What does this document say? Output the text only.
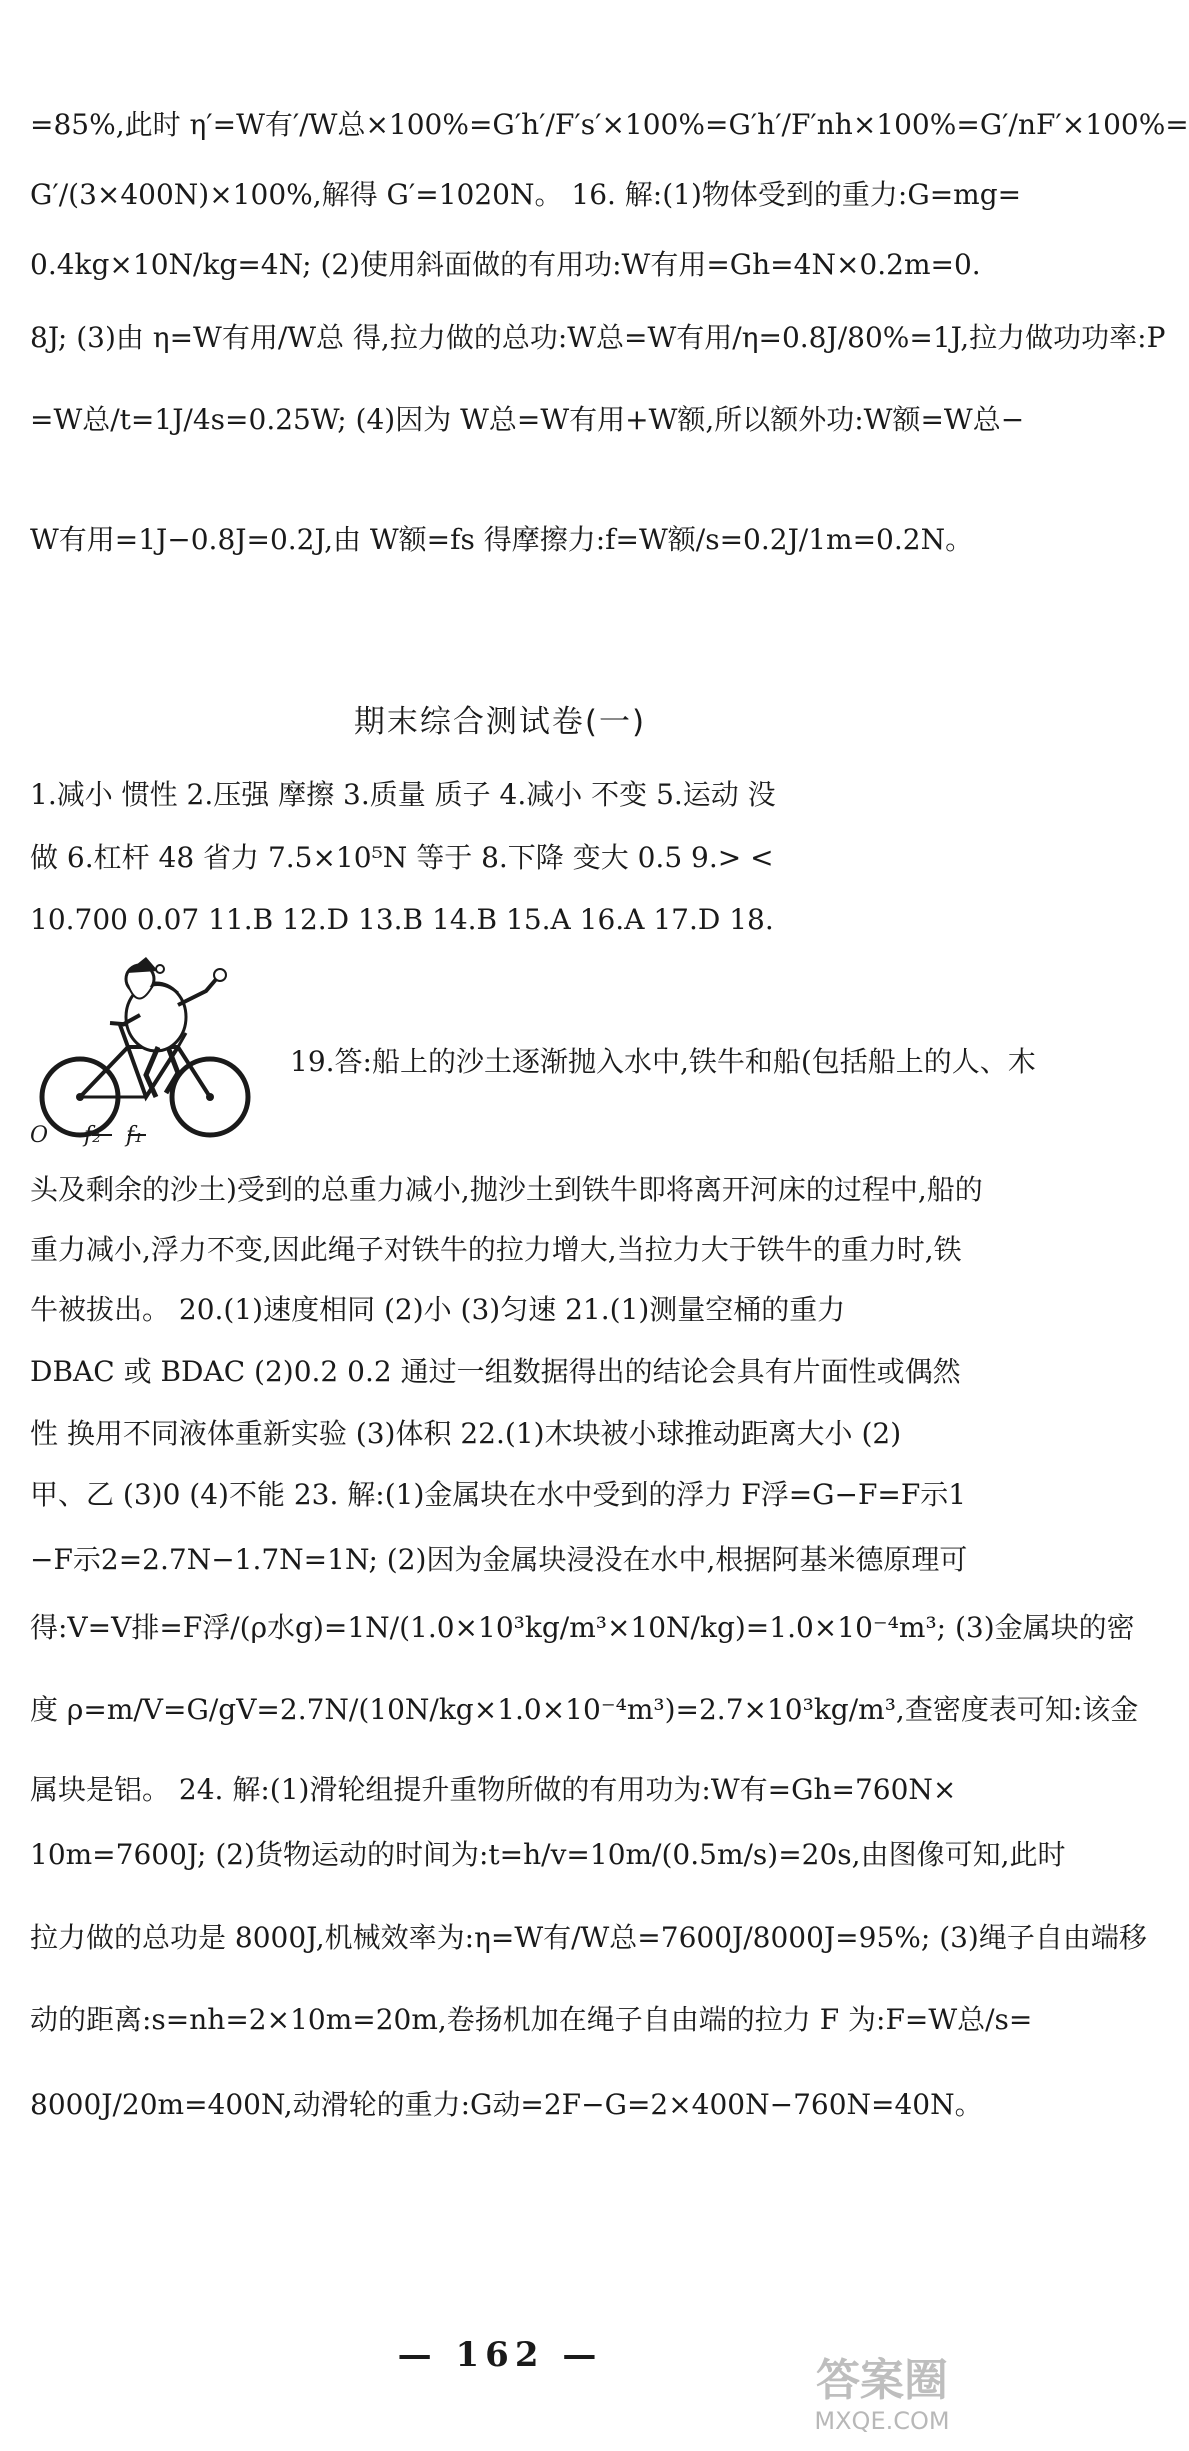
=85%,此时 η′=W有′/W总×100%=G′h′/F′s′×100%=G′h′/F′nh×100%=G′/nF′×100%=
G′/(3×400N)×100%,解得 G′=1020N。 16. 解:(1)物体受到的重力:G=mg=
0.4kg×10N/kg=4N; (2)使用斜面做的有用功:W有用=Gh=4N×0.2m=0.
8J; (3)由 η=W有用/W总 得,拉力做的总功:W总=W有用/η=0.8J/80%=1J,拉力做功功率:P
=W总/t=1J/4s=0.25W; (4)因为 W总=W有用+W额,所以额外功:W额=W总−
W有用=1J−0.8J=0.2J,由 W额=fs 得摩擦力:f=W额/s=0.2J/1m=0.2N。
期末综合测试卷(一)
1.减小 惯性 2.压强 摩擦 3.质量 质子 4.减小 不变 5.运动 没
做 6.杠杆 48 省力 7.5×10⁵N 等于 8.下降 变大 0.5 9.> <
10.700 0.07 11.B 12.D 13.B 14.B 15.A 16.A 17.D 18.
O f₂ f₁
19.答:船上的沙土逐渐抛入水中,铁牛和船(包括船上的人、木
头及剩余的沙土)受到的总重力减小,抛沙土到铁牛即将离开河床的过程中,船的
重力减小,浮力不变,因此绳子对铁牛的拉力增大,当拉力大于铁牛的重力时,铁
牛被拔出。 20.(1)速度相同 (2)小 (3)匀速 21.(1)测量空桶的重力
DBAC 或 BDAC (2)0.2 0.2 通过一组数据得出的结论会具有片面性或偶然
性 换用不同液体重新实验 (3)体积 22.(1)木块被小球推动距离大小 (2)
甲、乙 (3)0 (4)不能 23. 解:(1)金属块在水中受到的浮力 F浮=G−F=F示1
−F示2=2.7N−1.7N=1N; (2)因为金属块浸没在水中,根据阿基米德原理可
得:V=V排=F浮/(ρ水g)=1N/(1.0×10³kg/m³×10N/kg)=1.0×10⁻⁴m³; (3)金属块的密
度 ρ=m/V=G/gV=2.7N/(10N/kg×1.0×10⁻⁴m³)=2.7×10³kg/m³,查密度表可知:该金
属块是铝。 24. 解:(1)滑轮组提升重物所做的有用功为:W有=Gh=760N×
10m=7600J; (2)货物运动的时间为:t=h/v=10m/(0.5m/s)=20s,由图像可知,此时
拉力做的总功是 8000J,机械效率为:η=W有/W总=7600J/8000J=95%; (3)绳子自由端移
动的距离:s=nh=2×10m=20m,卷扬机加在绳子自由端的拉力 F 为:F=W总/s=
8000J/20m=400N,动滑轮的重力:G动=2F−G=2×400N−760N=40N。
— 162 —	答案圈
MXQE.COM
